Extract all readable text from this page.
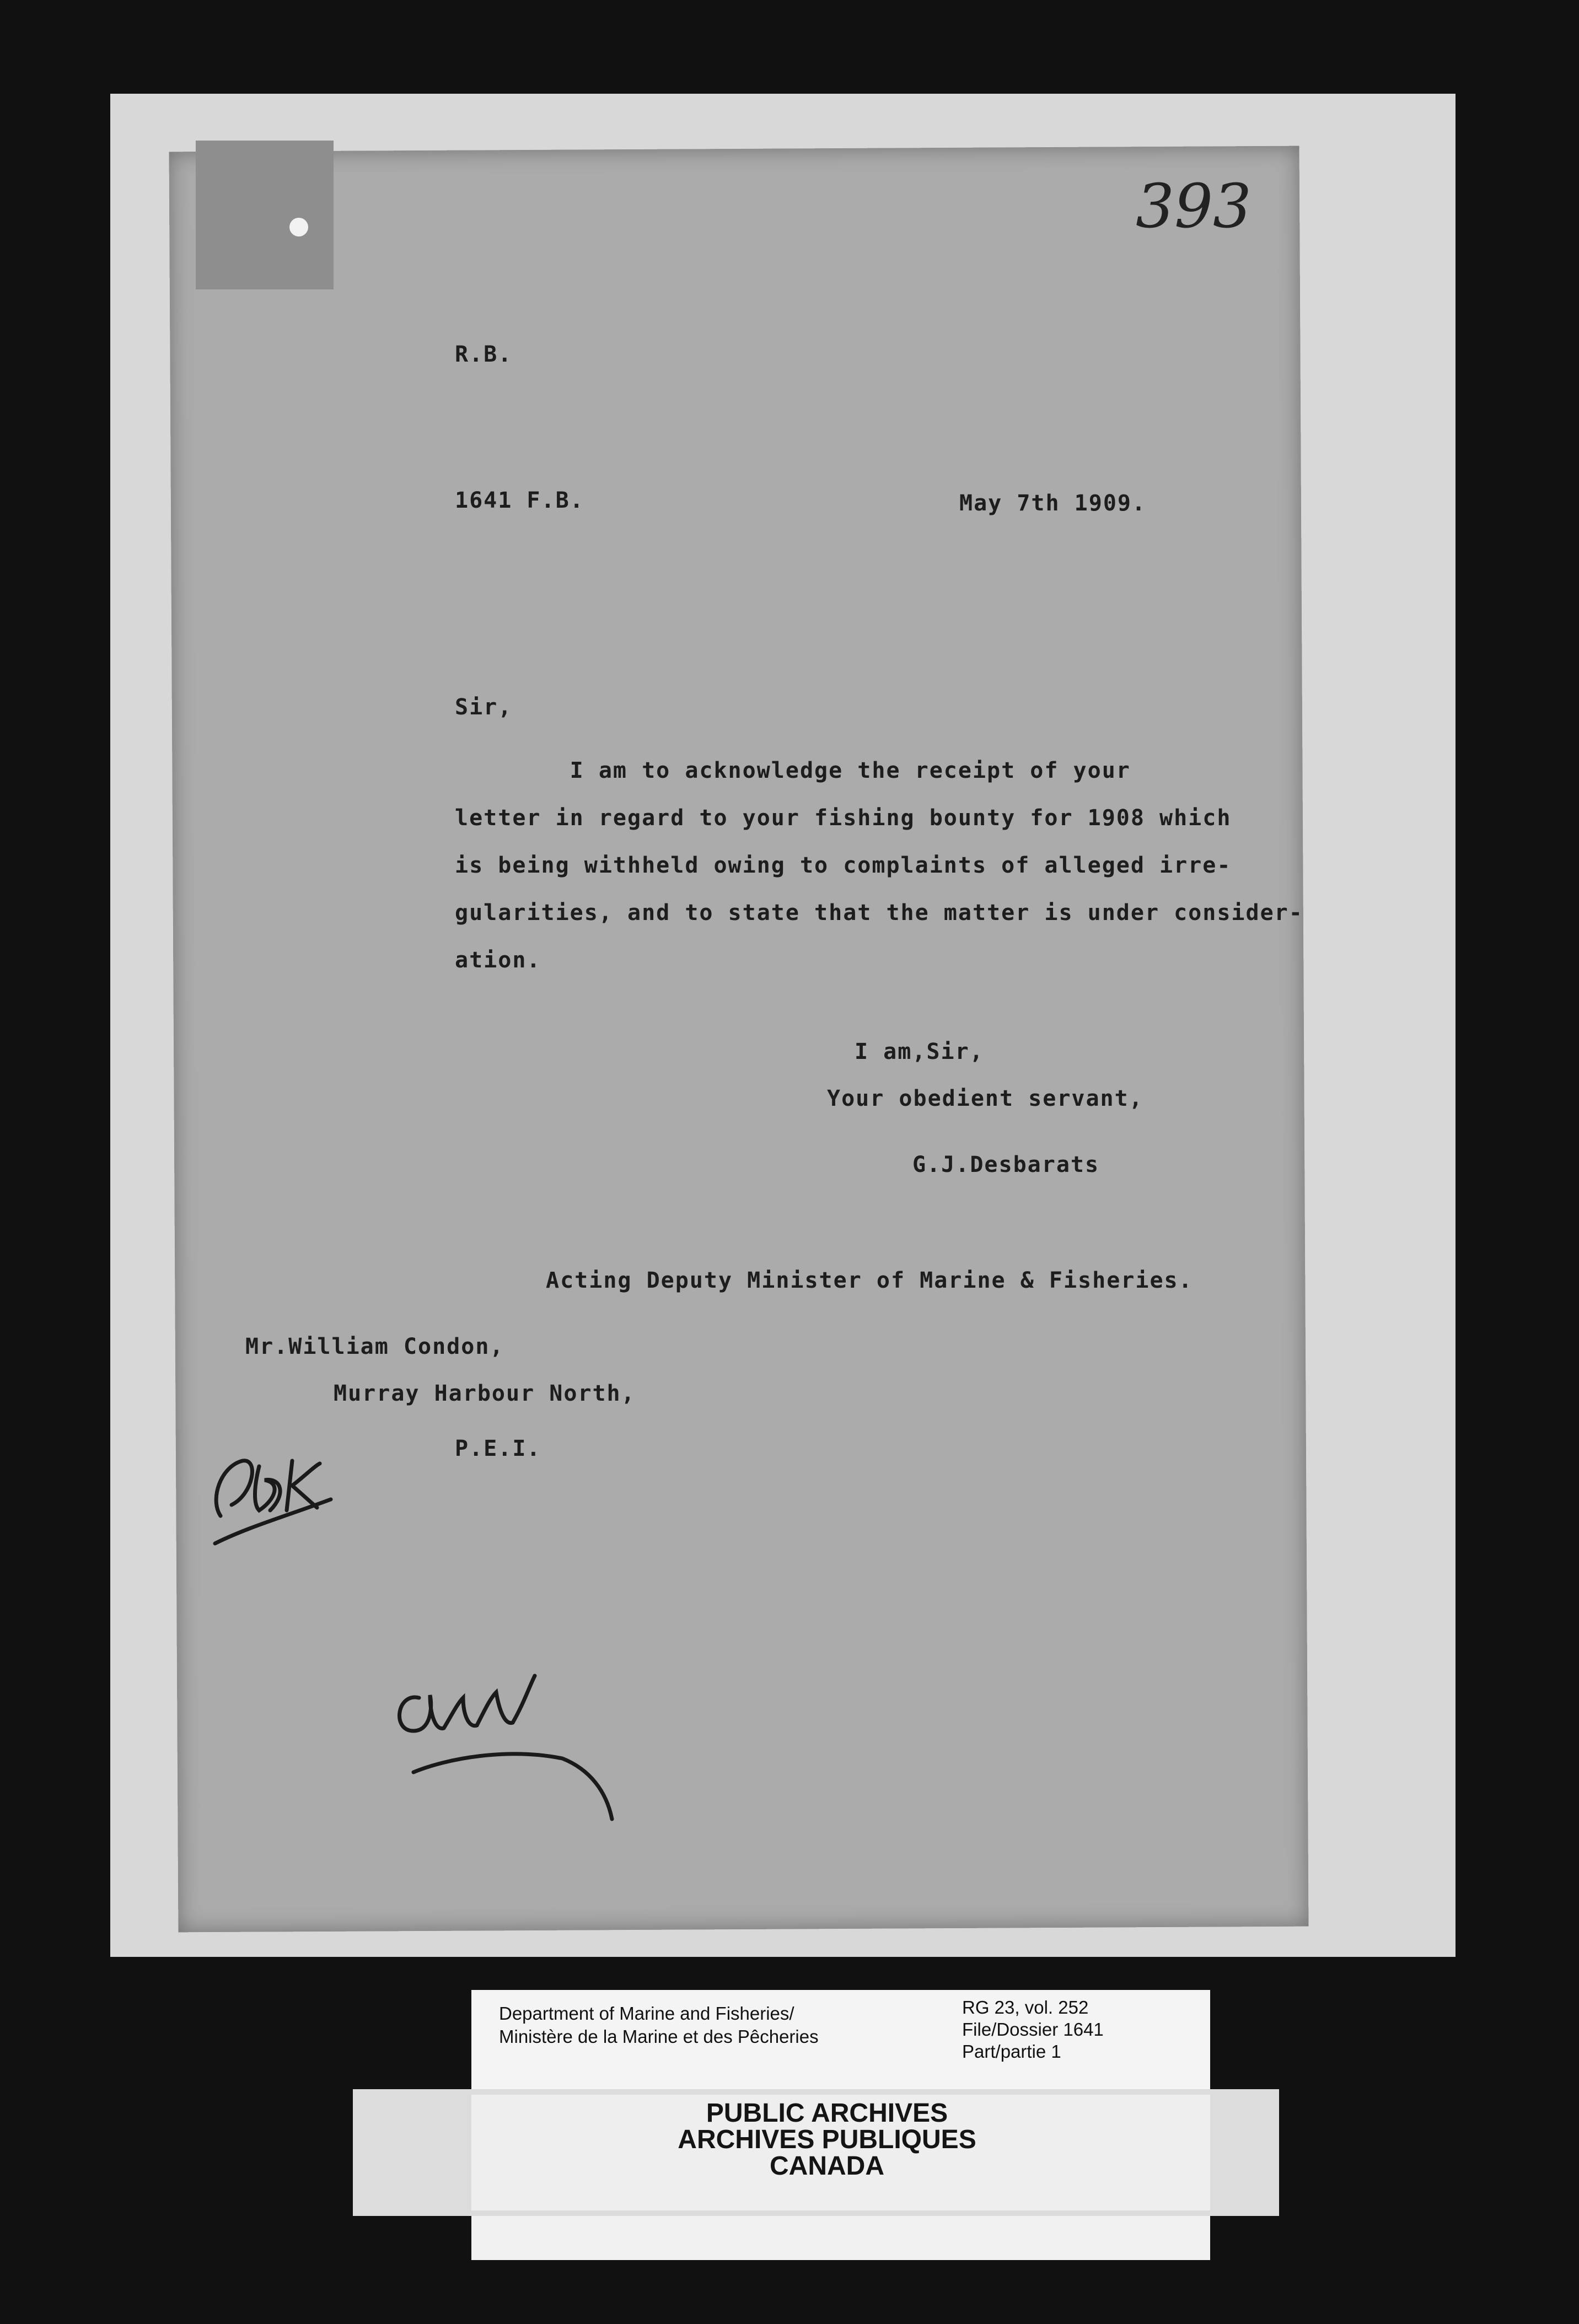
393
R.B.
1641 F.B.	May 7th 1909.
Sir,
I am to acknowledge the receipt of your
letter in regard to your fishing bounty for 1908 which
is being withheld owing to complaints of alleged irre-
gularities, and to state that the matter is under consider-
ation.
I am,Sir,
Your obedient servant,
G.J.Desbarats
Acting Deputy Minister of Marine & Fisheries.
Mr.William Condon,
Murray Harbour North,
P.E.I.
Department of Marine and Fisheries/
Ministère de la Marine et des Pêcheries
RG 23, vol. 252
File/Dossier 1641
Part/partie 1
PUBLIC ARCHIVES
ARCHIVES PUBLIQUES
CANADA
